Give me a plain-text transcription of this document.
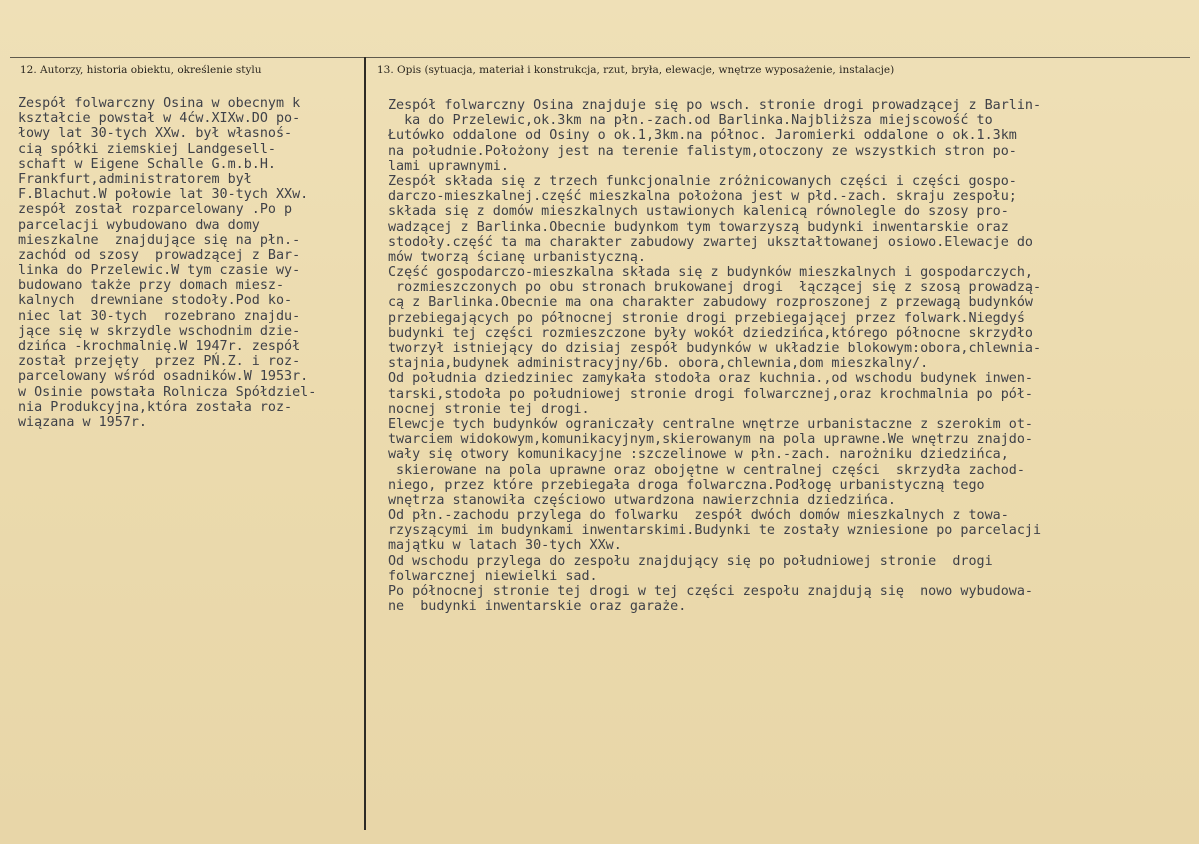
12. Autorzy, historia obiektu, określenie stylu	13. Opis (sytuacja, materiał i konstrukcja, rzut, bryła, elewacje, wnętrze wyposażenie, instalacje)
Zespół folwarczny Osina w obecnym k
kształcie powstał w 4ćw.XIXw.DO po-
łowy lat 30-tych XXw. był własnoś-
cią spółki ziemskiej Landgesell-
schaft w Eigene Schalle G.m.b.H.
Frankfurt,administratorem był
F.Blachut.W połowie lat 30-tych XXw.
zespół został rozparcelowany .Po p
parcelacji wybudowano dwa domy
mieszkalne  znajdujące się na płn.-
zachód od szosy  prowadzącej z Bar-
linka do Przelewic.W tym czasie wy-
budowano także przy domach miesz-
kalnych  drewniane stodoły.Pod ko-
niec lat 30-tych  rozebrano znajdu-
jące się w skrzydle wschodnim dzie-
dzińca -krochmalnię.W 1947r. zespół
został przejęty  przez PŃ.Z. i roz-
parcelowany wśród osadników.W 1953r.
w Osinie powstała Rolnicza Spółdziel-
nia Produkcyjna,która została roz-
wiązana w 1957r.
Zespół folwarczny Osina znajduje się po wsch. stronie drogi prowadzącej z Barlin-
ka do Przelewic,ok.3km na płn.-zach.od Barlinka.Najbliższa miejscowość to
Łutówko oddalone od Osiny o ok.1,3km.na północ. Jaromierki oddalone o ok.1.3km
na południe.Położony jest na terenie falistym,otoczony ze wszystkich stron po-
lami uprawnymi.
Zespół składa się z trzech funkcjonalnie zróżnicowanych części i części gospo-
darczo-mieszkalnej.część mieszkalna położona jest w płd.-zach. skraju zespołu;
składa się z domów mieszkalnych ustawionych kalenicą równolegle do szosy pro-
wadzącej z Barlinka.Obecnie budynkom tym towarzyszą budynki inwentarskie oraz
stodoły.część ta ma charakter zabudowy zwartej ukształtowanej osiowo.Elewacje do
mów tworzą ścianę urbanistyczną.
Część gospodarczo-mieszkalna składa się z budynków mieszkalnych i gospodarczych,
rozmieszczonych po obu stronach brukowanej drogi  łączącej się z szosą prowadzą-
cą z Barlinka.Obecnie ma ona charakter zabudowy rozproszonej z przewagą budynków
przebiegających po północnej stronie drogi przebiegającej przez folwark.Niegdyś
budynki tej części rozmieszczone były wokół dziedzińca,którego północne skrzydło
tworzył istniejący do dzisiaj zespół budynków w układzie blokowym:obora,chlewnia-
stajnia,budynek administracyjny/6b. obora,chlewnia,dom mieszkalny/.
Od południa dziedziniec zamykała stodoła oraz kuchnia.,od wschodu budynek inwen-
tarski,stodoła po południowej stronie drogi folwarcznej,oraz krochmalnia po pół-
nocnej stronie tej drogi.
Elewcje tych budynków ograniczały centralne wnętrze urbanistaczne z szerokim ot-
twarciem widokowym,komunikacyjnym,skierowanym na pola uprawne.We wnętrzu znajdo-
wały się otwory komunikacyjne :szczelinowe w płn.-zach. narożniku dziedzińca,
skierowane na pola uprawne oraz obojętne w centralnej części  skrzydła zachod-
niego, przez które przebiegała droga folwarczna.Podłogę urbanistyczną tego
wnętrza stanowiła częściowo utwardzona nawierzchnia dziedzińca.
Od płn.-zachodu przylega do folwarku  zespół dwóch domów mieszkalnych z towa-
rzyszącymi im budynkami inwentarskimi.Budynki te zostały wzniesione po parcelacji
majątku w latach 30-tych XXw.
Od wschodu przylega do zespołu znajdujący się po południowej stronie  drogi
folwarcznej niewielki sad.
Po północnej stronie tej drogi w tej części zespołu znajdują się  nowo wybudowa-
ne  budynki inwentarskie oraz garaże.
